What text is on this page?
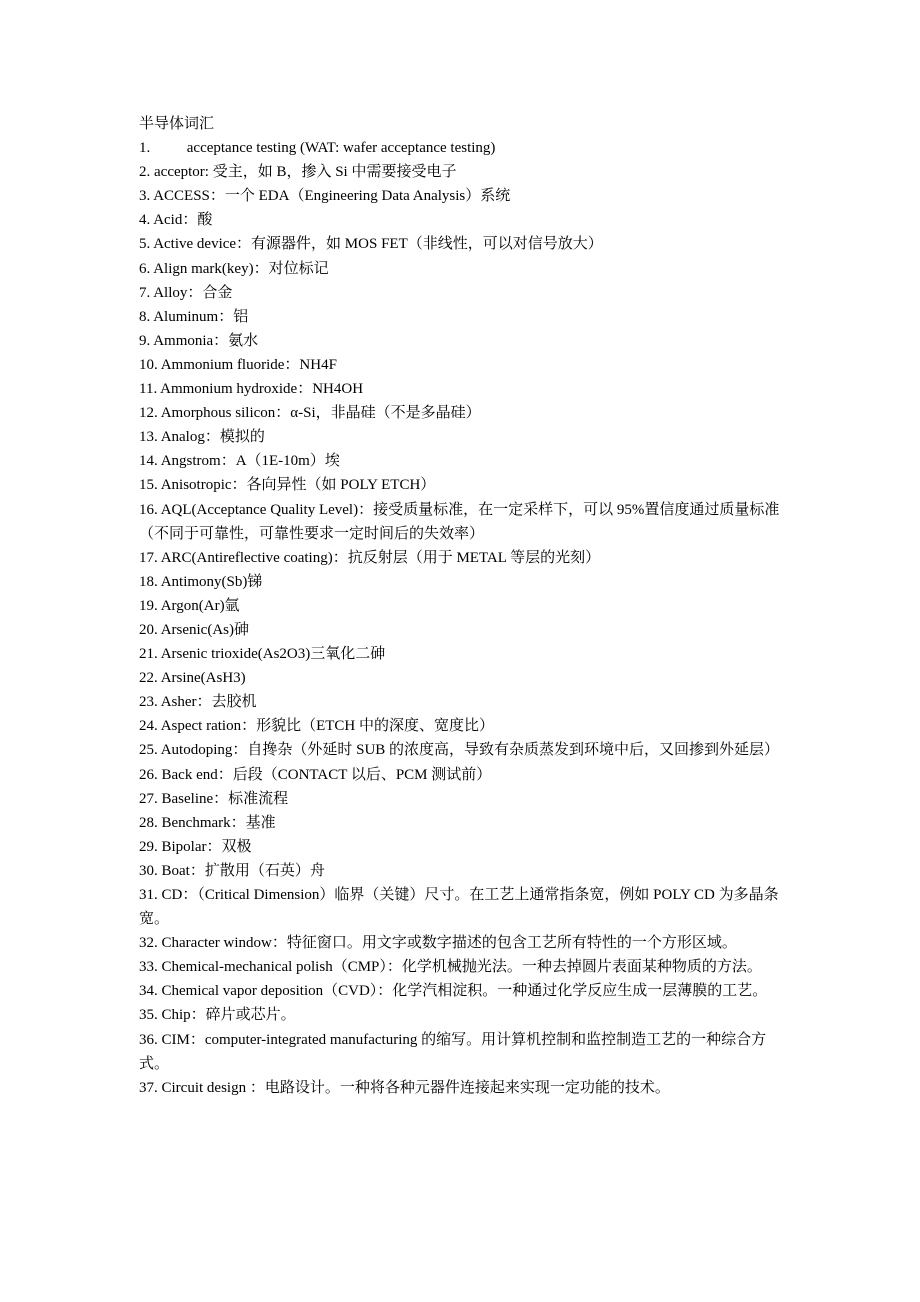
半导体词汇

1. acceptance testing (WAT: wafer acceptance testing)

2. acceptor: 受主，如 B，掺入 Si 中需要接受电子

3. ACCESS：一个 EDA（Engineering Data Analysis）系统

4. Acid：酸

5. Active device：有源器件，如 MOS FET（非线性，可以对信号放大）

6. Align mark(key)：对位标记

7. Alloy：合金

8. Aluminum：铝

9. Ammonia：氨水

10. Ammonium fluoride：NH4F

11. Ammonium hydroxide：NH4OH

12. Amorphous silicon：α-Si，非晶硅（不是多晶硅）

13. Analog：模拟的

14. Angstrom：A（1E-10m）埃

15. Anisotropic：各向异性（如 POLY ETCH）

16. AQL(Acceptance Quality Level)：接受质量标准，在一定采样下，可以 95%置信度通过质量标准（不同于可靠性，可靠性要求一定时间后的失效率）

17. ARC(Antireflective coating)：抗反射层（用于 METAL 等层的光刻）

18. Antimony(Sb)锑

19. Argon(Ar)氩

20. Arsenic(As)砷

21. Arsenic trioxide(As2O3)三氧化二砷

22. Arsine(AsH3)

23. Asher：去胶机

24. Aspect ration：形貌比（ETCH 中的深度、宽度比）

25. Autodoping：自搀杂（外延时 SUB 的浓度高，导致有杂质蒸发到环境中后，又回掺到外延层）

26. Back end：后段（CONTACT 以后、PCM 测试前）

27. Baseline：标准流程

28. Benchmark：基准

29. Bipolar：双极

30. Boat：扩散用（石英）舟

31. CD：（Critical Dimension）临界（关键）尺寸。在工艺上通常指条宽，例如 POLY CD 为多晶条宽。

32. Character window：特征窗口。用文字或数字描述的包含工艺所有特性的一个方形区域。

33. Chemical-mechanical polish（CMP）：化学机械抛光法。一种去掉圆片表面某种物质的方法。

34. Chemical vapor deposition（CVD）：化学汽相淀积。一种通过化学反应生成一层薄膜的工艺。

35. Chip：碎片或芯片。

36. CIM：computer-integrated manufacturing 的缩写。用计算机控制和监控制造工艺的一种综合方式。

37. Circuit design ：电路设计。一种将各种元器件连接起来实现一定功能的技术。
